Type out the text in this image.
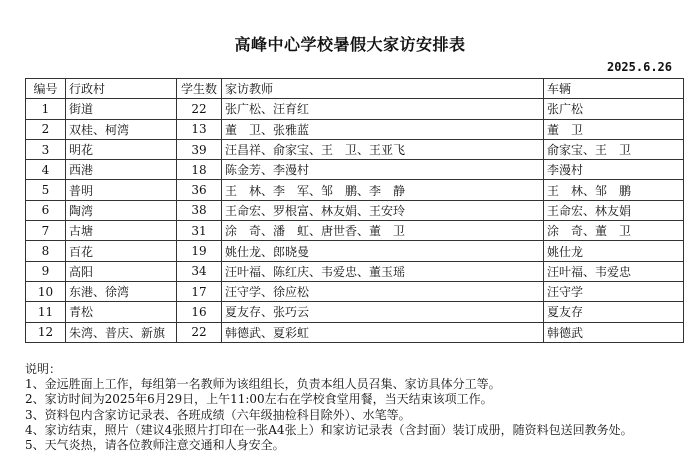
高峰中心学校暑假大家访安排表
2025.6.26
编号	行政村	学生数	家访教师	车辆
1	街道	22	张广松、汪育红	张广松
2	双桂、柯湾	13	董　卫、张雅蓝	董　卫
3	明花	39	汪昌祥、俞家宝、王　卫、王亚飞	俞家宝、王　卫
4	西港	18	陈金芳、李漫村	李漫村
5	普明	36	王　林、李　军、邹　鹏、李　静	王　林、邹　鹏
6	陶湾	38	王命宏、罗根富、林友娟、王安玲	王命宏、林友娟
7	古塘	31	涂　奇、潘　虹、唐世香、董　卫	涂　奇、董　卫
8	百花	19	姚仕龙、郎晓曼	姚仕龙
9	高阳	34	汪叶福、陈红庆、韦爱忠、董玉瑶	汪叶福、韦爱忠
10	东港、徐湾	17	汪守学、徐应松	汪守学
11	青松	16	夏友存、张巧云	夏友存
12	朱湾、普庆、新旗	22	韩德武、夏彩虹	韩德武
说明：
1、金远胜面上工作，每组第一名教师为该组组长，负责本组人员召集、家访具体分工等。
2、家访时间为2025年6月29日，上午11:00左右在学校食堂用餐，当天结束该项工作。
3、资料包内含家访记录表、各班成绩（六年级抽检科目除外）、水笔等。
4、家访结束，照片（建议4张照片打印在一张A4张上）和家访记录表（含封面）装订成册，随资料包送回教务处。
5、天气炎热，请各位教师注意交通和人身安全。
